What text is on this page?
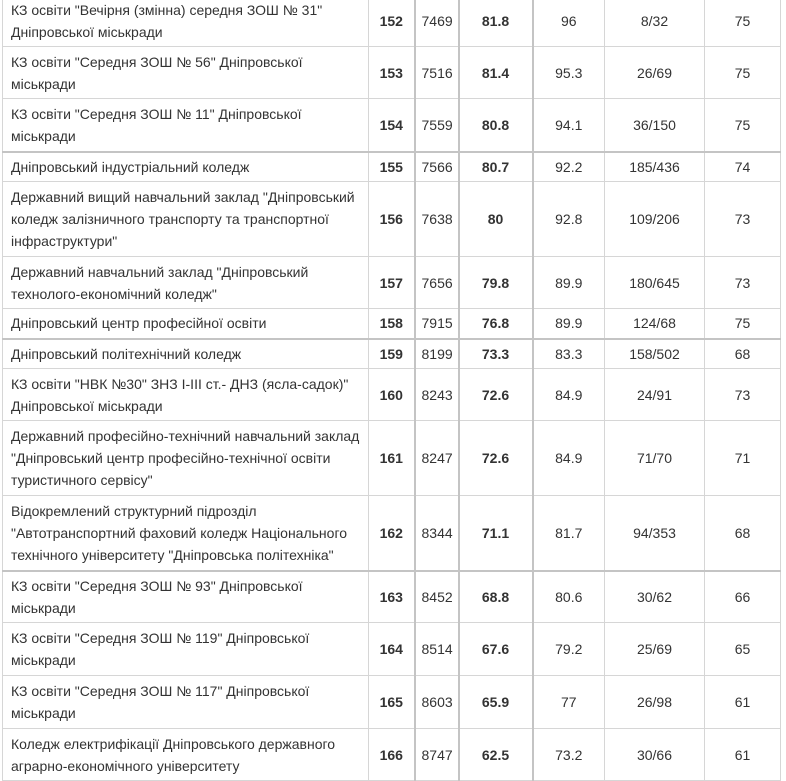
КЗ освіти "Вечірня (змінна) середня ЗОШ № 31" Дніпровської міськради	152	7469	81.8	96	8/32	75
КЗ освіти "Середня ЗОШ № 56" Дніпровської міськради	153	7516	81.4	95.3	26/69	75
КЗ освіти "Середня ЗОШ № 11" Дніпровської міськради	154	7559	80.8	94.1	36/150	75
Дніпровський індустріальний коледж	155	7566	80.7	92.2	185/436	74
Державний вищий навчальний заклад "Дніпровський коледж залізничного транспорту та транспортної інфраструктури"	156	7638	80	92.8	109/206	73
Державний навчальний заклад "Дніпровський технолого-економічний коледж"	157	7656	79.8	89.9	180/645	73
Дніпровський центр професійної освіти	158	7915	76.8	89.9	124/68	75
Дніпровський політехнічний коледж	159	8199	73.3	83.3	158/502	68
КЗ освіти "НВК №30" ЗНЗ І-ІІІ ст.- ДНЗ (ясла-садок)" Дніпровської міськради	160	8243	72.6	84.9	24/91	73
Державний професійно-технічний навчальний заклад "Дніпровський центр професійно-технічної освіти туристичного сервісу"	161	8247	72.6	84.9	71/70	71
Відокремлений структурний підрозділ "Автотранспортний фаховий коледж Національного технічного університету "Дніпровська політехніка"	162	8344	71.1	81.7	94/353	68
КЗ освіти "Середня ЗОШ № 93" Дніпровської міськради	163	8452	68.8	80.6	30/62	66
КЗ освіти "Середня ЗОШ № 119" Дніпровської міськради	164	8514	67.6	79.2	25/69	65
КЗ освіти "Середня ЗОШ № 117" Дніпровської міськради	165	8603	65.9	77	26/98	61
Коледж електрифікації Дніпровського державного аграрно-економічного університету	166	8747	62.5	73.2	30/66	61
